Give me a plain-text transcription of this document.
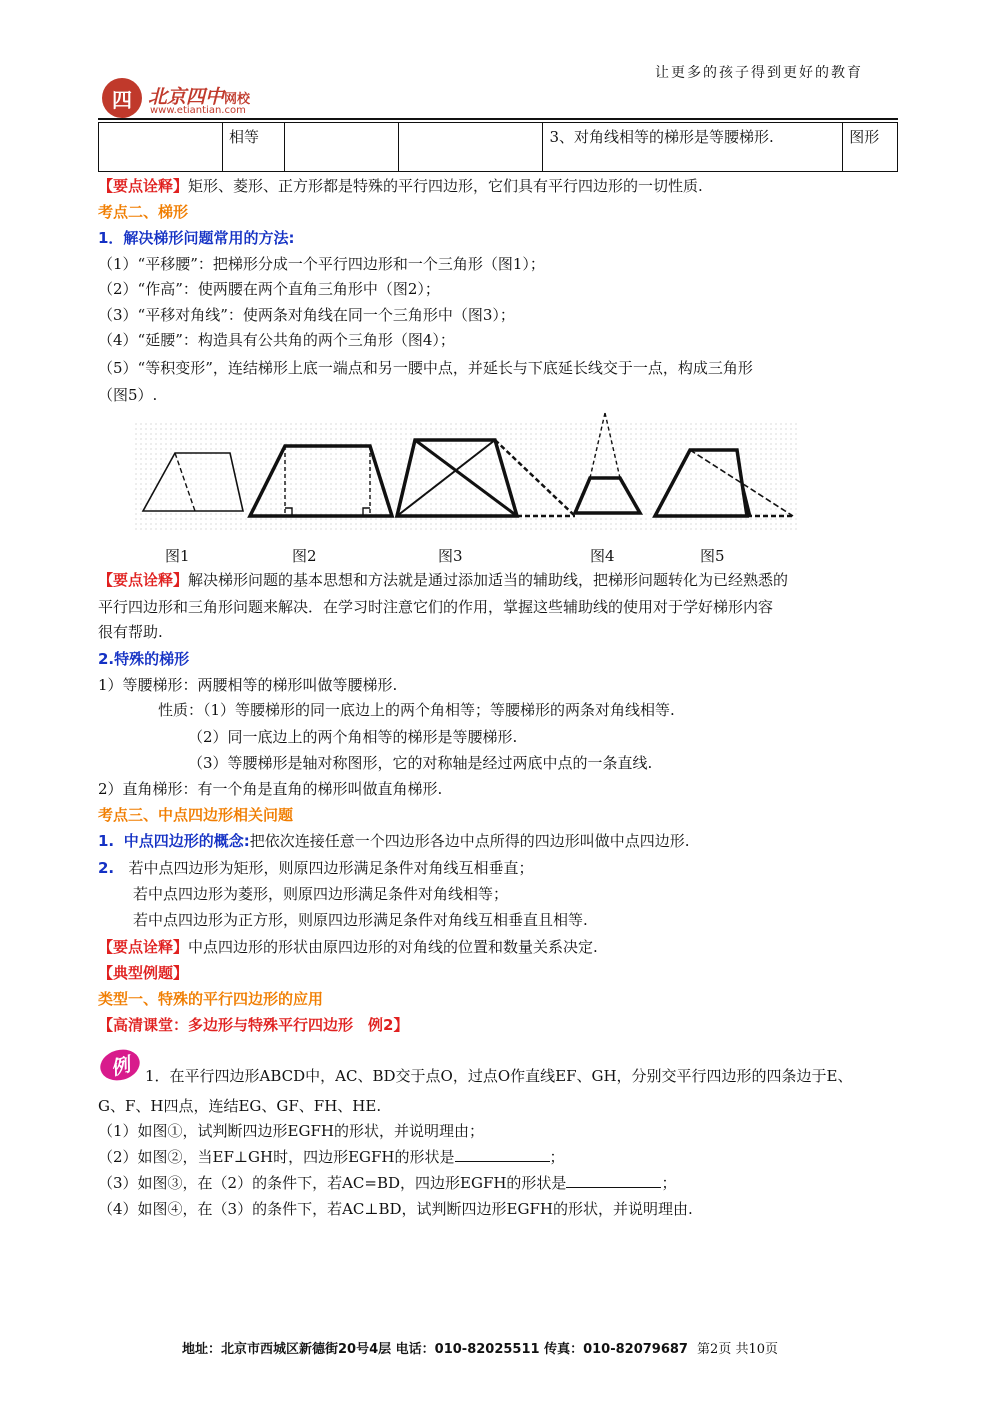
让更多的孩子得到更好的教育
四 北京四中网校
www.etiantian.com
	相等			3、对角线相等的梯形是等腰梯形.	图形
【要点诠释】矩形、菱形、正方形都是特殊的平行四边形，它们具有平行四边形的一切性质.
考点二、梯形
1．解决梯形问题常用的方法:
（1）“平移腰”：把梯形分成一个平行四边形和一个三角形（图1）；
（2）“作高”：使两腰在两个直角三角形中（图2）；
（3）“平移对角线”：使两条对角线在同一个三角形中（图3）；
（4）“延腰”：构造具有公共角的两个三角形（图4）；
（5）“等积变形”，连结梯形上底一端点和另一腰中点，并延长与下底延长线交于一点，构成三角形
（图5）.
图1	图2	图3	图4	图5
【要点诠释】解决梯形问题的基本思想和方法就是通过添加适当的辅助线，把梯形问题转化为已经熟悉的
平行四边形和三角形问题来解决．在学习时注意它们的作用，掌握这些辅助线的使用对于学好梯形内容
很有帮助.
2.特殊的梯形
1）等腰梯形：两腰相等的梯形叫做等腰梯形.
性质：（1）等腰梯形的同一底边上的两个角相等；等腰梯形的两条对角线相等.
（2）同一底边上的两个角相等的梯形是等腰梯形.
（3）等腰梯形是轴对称图形，它的对称轴是经过两底中点的一条直线.
2）直角梯形：有一个角是直角的梯形叫做直角梯形.
考点三、中点四边形相关问题
1. 中点四边形的概念:把依次连接任意一个四边形各边中点所得的四边形叫做中点四边形.
2. 若中点四边形为矩形，则原四边形满足条件对角线互相垂直；
若中点四边形为菱形，则原四边形满足条件对角线相等；
若中点四边形为正方形，则原四边形满足条件对角线互相垂直且相等.
【要点诠释】中点四边形的形状由原四边形的对角线的位置和数量关系决定.
【典型例题】
类型一、特殊的平行四边形的应用
【高清课堂：多边形与特殊平行四边形　例2】
例 1．在平行四边形ABCD中，AC、BD交于点O，过点O作直线EF、GH，分别交平行四边形的四条边于E、
G、F、H四点，连结EG、GF、FH、HE.
（1）如图①，试判断四边形EGFH的形状，并说明理由；
（2）如图②，当EF⊥GH时，四边形EGFH的形状是	；
（3）如图③，在（2）的条件下，若AC=BD，四边形EGFH的形状是	；
（4）如图④，在（3）的条件下，若AC⊥BD，试判断四边形EGFH的形状，并说明理由.
地址：北京市西城区新德街20号4层 电话：010-82025511 传真：010-82079687 第2页 共10页
